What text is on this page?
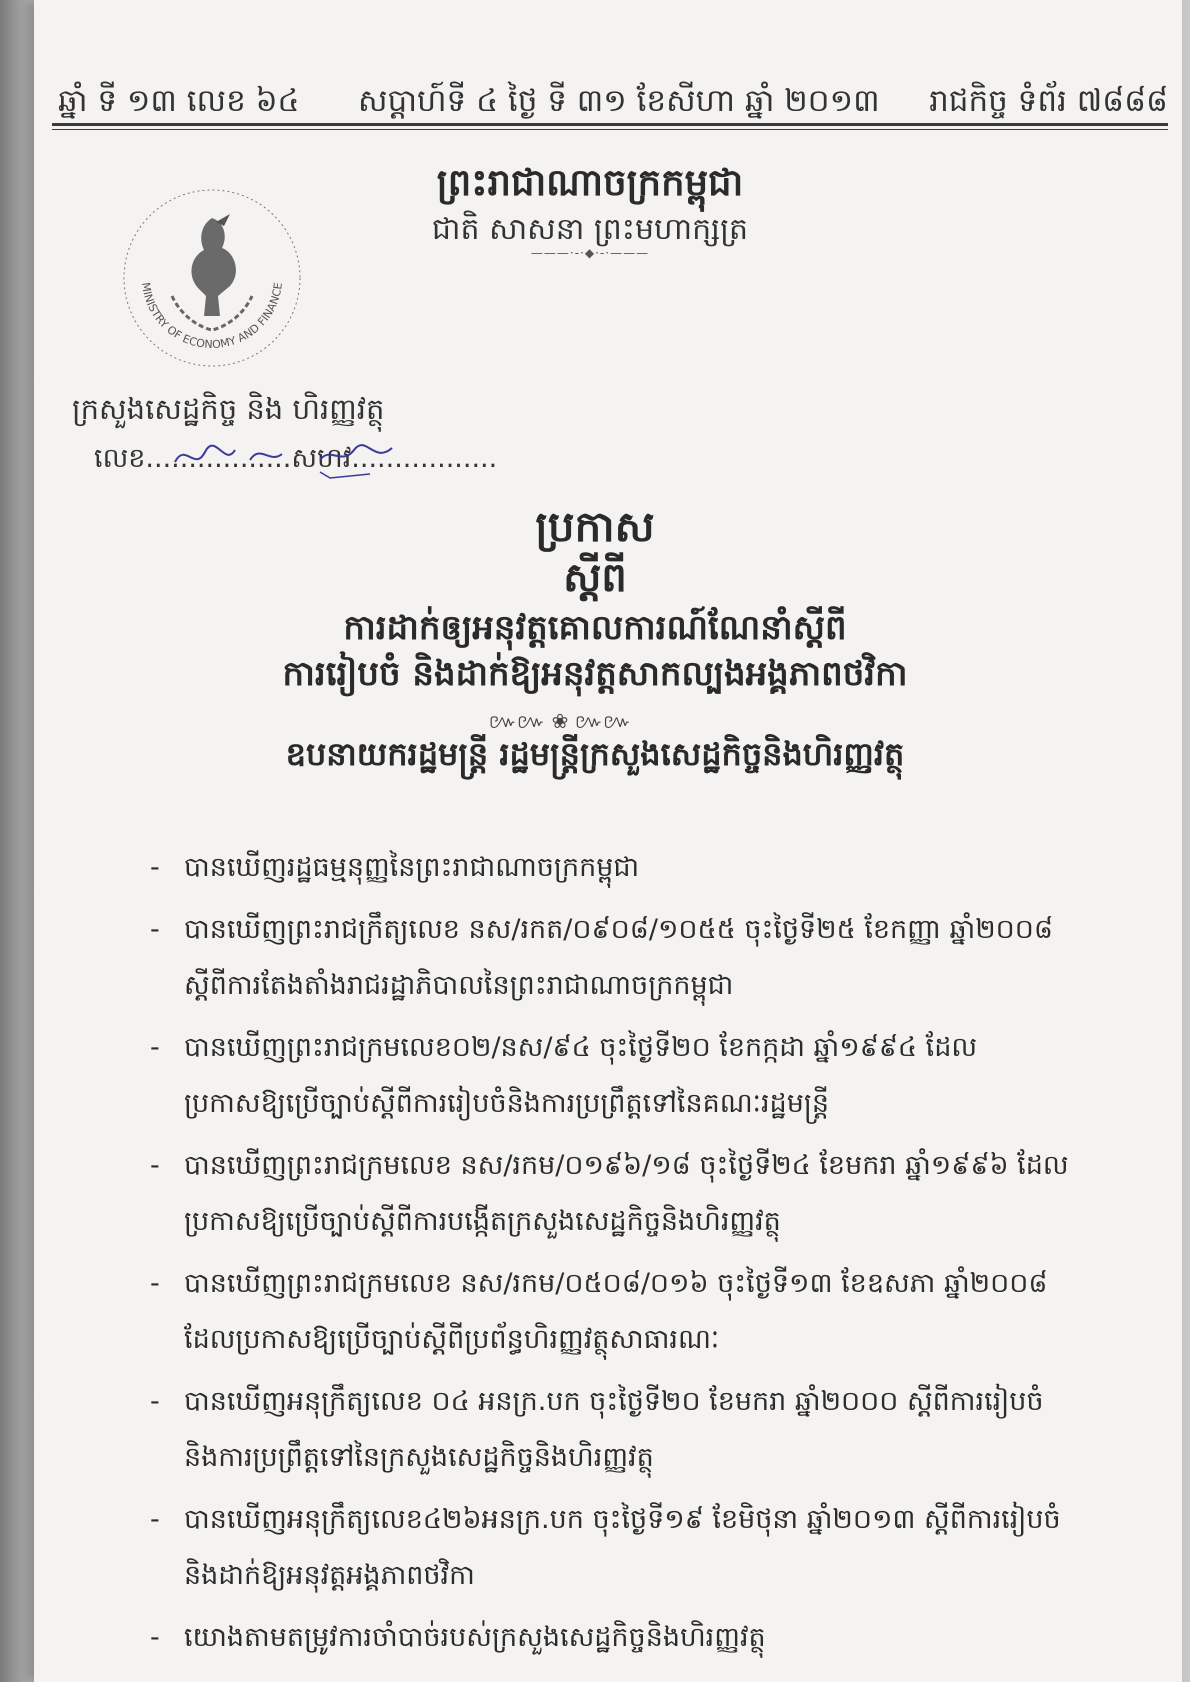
ឆ្នាំ ទី ១៣ លេខ ៦៤ សប្តាហ៍ទី ៤ ថ្ងៃ ទី ៣១ ខែសីហា ឆ្នាំ ២០១៣ រាជកិច្ច ទំព័រ ៧៨៨៨
ព្រះរាជាណាចក្រកម្ពុជា
ជាតិ សាសនា ព្រះមហាក្សត្រ
———·-·◆·-·———
MINISTRY OF ECONOMY AND FINANCE
ក្រសួងសេដ្ឋកិច្ច និង ហិរញ្ញវត្ថុ
លេខ.................សហវ.................
ប្រកាស
ស្តីពី
ការដាក់ឲ្យអនុវត្តគោលការណ៍ណែនាំស្តីពី
ការរៀបចំ និងដាក់ឱ្យអនុវត្តសាកល្បងអង្គភាពថវិកា
៚៚ ❀ ៚៚
ឧបនាយករដ្ឋមន្ត្រី រដ្ឋមន្ត្រីក្រសួងសេដ្ឋកិច្ចនិងហិរញ្ញវត្ថុ
- បានឃើញរដ្ឋធម្មនុញ្ញនៃព្រះរាជាណាចក្រកម្ពុជា
- បានឃើញព្រះរាជក្រឹត្យលេខ នស/រកត/០៩០៨/១០៥៥ ចុះថ្ងៃទី២៥ ខែកញ្ញា ឆ្នាំ២០០៨ ស្តីពីការតែងតាំងរាជរដ្ឋាភិបាលនៃព្រះរាជាណាចក្រកម្ពុជា
- បានឃើញព្រះរាជក្រមលេខ០២/នស/៩៤ ចុះថ្ងៃទី២០ ខែកក្កដា ឆ្នាំ១៩៩៤ ដែលប្រកាសឱ្យប្រើច្បាប់ស្តីពីការរៀបចំនិងការប្រព្រឹត្តទៅនៃគណៈរដ្ឋមន្ត្រី
- បានឃើញព្រះរាជក្រមលេខ នស/រកម/០១៩៦/១៨ ចុះថ្ងៃទី២៤ ខែមករា ឆ្នាំ១៩៩៦ ដែលប្រកាសឱ្យប្រើច្បាប់ស្តីពីការបង្កើតក្រសួងសេដ្ឋកិច្ចនិងហិរញ្ញវត្ថុ
- បានឃើញព្រះរាជក្រមលេខ នស/រកម/០៥០៨/០១៦ ចុះថ្ងៃទី១៣ ខែឧសភា ឆ្នាំ២០០៨ ដែលប្រកាសឱ្យប្រើច្បាប់ស្តីពីប្រព័ន្ធហិរញ្ញវត្ថុសាធារណៈ
- បានឃើញអនុក្រឹត្យលេខ ០៤ អនក្រ.បក ចុះថ្ងៃទី២០ ខែមករា ឆ្នាំ២០០០ ស្តីពីការរៀបចំនិងការប្រព្រឹត្តទៅនៃក្រសួងសេដ្ឋកិច្ចនិងហិរញ្ញវត្ថុ
- បានឃើញអនុក្រឹត្យលេខ៤២៦អនក្រ.បក ចុះថ្ងៃទី១៩ ខែមិថុនា ឆ្នាំ២០១៣ ស្តីពីការរៀបចំនិងដាក់ឱ្យអនុវត្តអង្គភាពថវិកា
- យោងតាមតម្រូវការចាំបាច់របស់ក្រសួងសេដ្ឋកិច្ចនិងហិរញ្ញវត្ថុ
